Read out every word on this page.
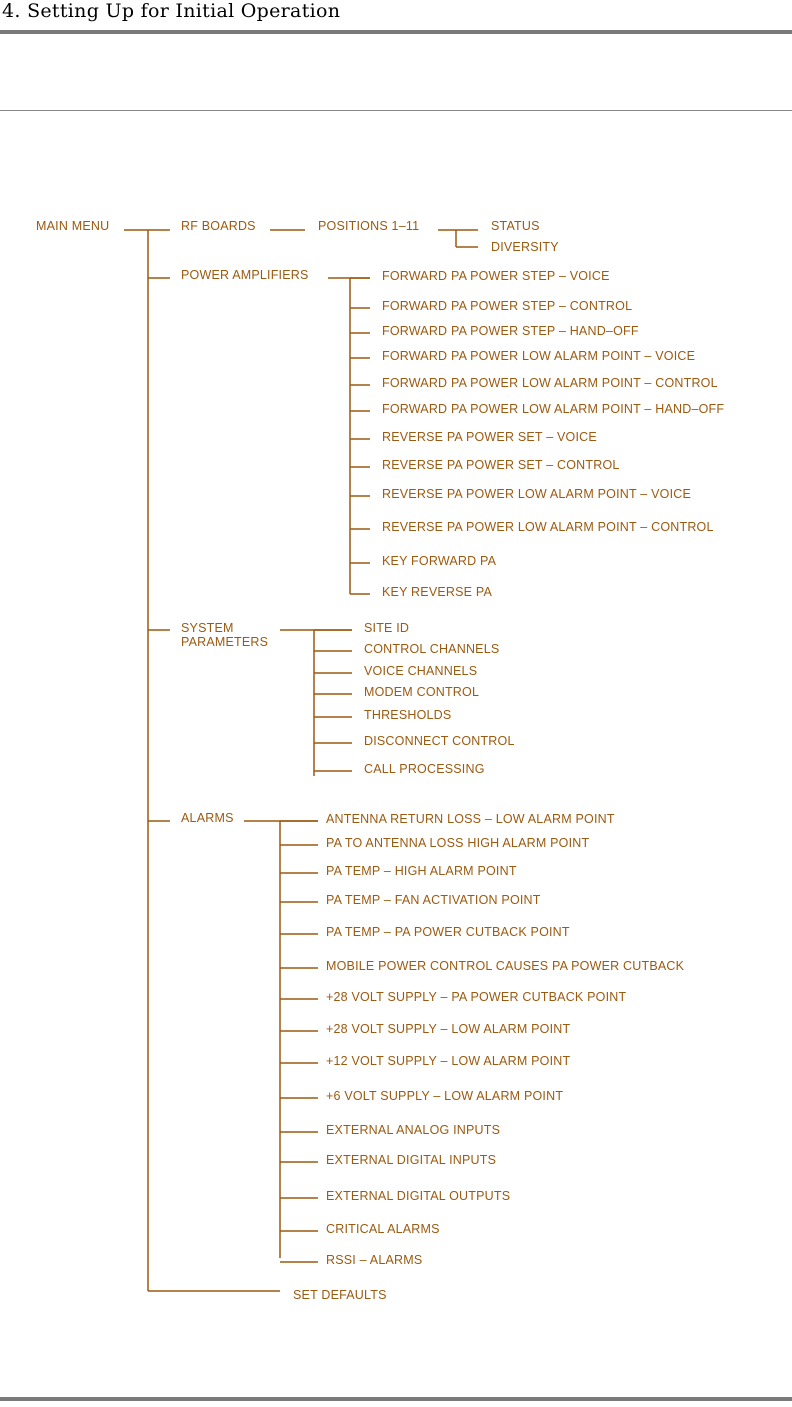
4. Setting Up for Initial Operation
MAIN MENU	RF BOARDS	POSITIONS 1–11	STATUS
DIVERSITY
POWER AMPLIFIERS	FORWARD PA POWER STEP – VOICE
FORWARD PA POWER STEP – CONTROL
FORWARD PA POWER STEP – HAND–OFF
FORWARD PA POWER LOW ALARM POINT – VOICE
FORWARD PA POWER LOW ALARM POINT – CONTROL
FORWARD PA POWER LOW ALARM POINT – HAND–OFF
REVERSE PA POWER SET – VOICE
REVERSE PA POWER SET – CONTROL
REVERSE PA POWER LOW ALARM POINT – VOICE
REVERSE PA POWER LOW ALARM POINT – CONTROL
KEY FORWARD PA
KEY REVERSE PA
SYSTEM
PARAMETERS
SITE ID
CONTROL CHANNELS
VOICE CHANNELS
MODEM CONTROL
THRESHOLDS
DISCONNECT CONTROL
CALL PROCESSING
ALARMS	ANTENNA RETURN LOSS – LOW ALARM POINT
PA TO ANTENNA LOSS HIGH ALARM POINT
PA TEMP – HIGH ALARM POINT
PA TEMP – FAN ACTIVATION POINT
PA TEMP – PA POWER CUTBACK POINT
MOBILE POWER CONTROL CAUSES PA POWER CUTBACK
+28 VOLT SUPPLY – PA POWER CUTBACK POINT
+28 VOLT SUPPLY – LOW ALARM POINT
+12 VOLT SUPPLY – LOW ALARM POINT
+6 VOLT SUPPLY – LOW ALARM POINT
EXTERNAL ANALOG INPUTS
EXTERNAL DIGITAL INPUTS
EXTERNAL DIGITAL OUTPUTS
CRITICAL ALARMS
RSSI – ALARMS
SET DEFAULTS
